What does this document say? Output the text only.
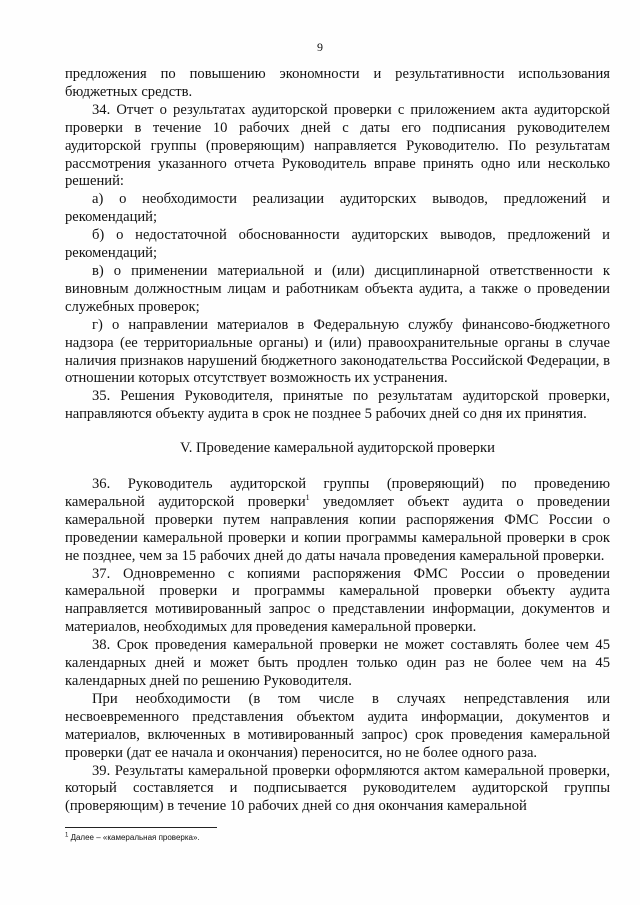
9

предложения по повышению экономности и результативности использования бюджетных средств.

34. Отчет о результатах аудиторской проверки с приложением акта аудиторской проверки в течение 10 рабочих дней с даты его подписания руководителем аудиторской группы (проверяющим) направляется Руководителю. По результатам рассмотрения указанного отчета Руководитель вправе принять одно или несколько решений:

а) о необходимости реализации аудиторских выводов, предложений и рекомендаций;

б) о недостаточной обоснованности аудиторских выводов, предложений и рекомендаций;

в) о применении материальной и (или) дисциплинарной ответственности к виновным должностным лицам и работникам объекта аудита, а также о проведении служебных проверок;

г) о направлении материалов в Федеральную службу финансово-бюджетного надзора (ее территориальные органы) и (или) правоохранительные органы в случае наличия признаков нарушений бюджетного законодательства Российской Федерации, в отношении которых отсутствует возможность их устранения.

35. Решения Руководителя, принятые по результатам аудиторской проверки, направляются объекту аудита в срок не позднее 5 рабочих дней со дня их принятия.

V. Проведение камеральной аудиторской проверки

36. Руководитель аудиторской группы (проверяющий) по проведению камеральной аудиторской проверки$^1$ уведомляет объект аудита о проведении камеральной проверки путем направления копии распоряжения ФМС России о проведении камеральной проверки и копии программы камеральной проверки в срок не позднее, чем за 15 рабочих дней до даты начала проведения камеральной проверки.

37. Одновременно с копиями распоряжения ФМС России о проведении камеральной проверки и программы камеральной проверки объекту аудита направляется мотивированный запрос о представлении информации, документов и материалов, необходимых для проведения камеральной проверки.

38. Срок проведения камеральной проверки не может составлять более чем 45 календарных дней и может быть продлен только один раз не более чем на 45 календарных дней по решению Руководителя.

При необходимости (в том числе в случаях непредставления или несвоевременного представления объектом аудита информации, документов и материалов, включенных в мотивированный запрос) срок проведения камеральной проверки (дат ее начала и окончания) переносится, но не более одного раза.

39. Результаты камеральной проверки оформляются актом камеральной проверки, который составляется и подписывается руководителем аудиторской группы (проверяющим) в течение 10 рабочих дней со дня окончания камеральной

$^1$ Далее – «камеральная проверка».
